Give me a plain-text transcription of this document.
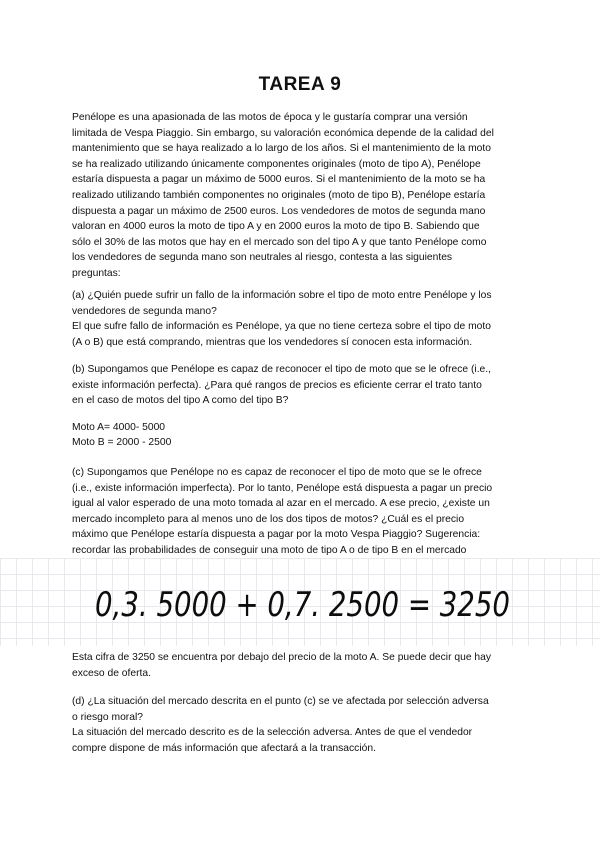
TAREA 9

Penélope es una apasionada de las motos de época y le gustaría comprar una versión
limitada de Vespa Piaggio. Sin embargo, su valoración económica depende de la calidad del
mantenimiento que se haya realizado a lo largo de los años. Si el mantenimiento de la moto
se ha realizado utilizando únicamente componentes originales (moto de tipo A), Penélope
estaría dispuesta a pagar un máximo de 5000 euros. Si el mantenimiento de la moto se ha
realizado utilizando también componentes no originales (moto de tipo B), Penélope estaría
dispuesta a pagar un máximo de 2500 euros. Los vendedores de motos de segunda mano
valoran en 4000 euros la moto de tipo A y en 2000 euros la moto de tipo B. Sabiendo que
sólo el 30% de las motos que hay en el mercado son del tipo A y que tanto Penélope como
los vendedores de segunda mano son neutrales al riesgo, contesta a las siguientes
preguntas:

(a) ¿Quién puede sufrir un fallo de la información sobre el tipo de moto entre Penélope y los
vendedores de segunda mano?

El que sufre fallo de información es Penélope, ya que no tiene certeza sobre el tipo de moto
(A o B) que está comprando, mientras que los vendedores sí conocen esta información.

(b) Supongamos que Penélope es capaz de reconocer el tipo de moto que se le ofrece (i.e.,
existe información perfecta). ¿Para qué rangos de precios es eficiente cerrar el trato tanto
en el caso de motos del tipo A como del tipo B?

Moto A= 4000- 5000

Moto B = 2000 - 2500

(c) Supongamos que Penélope no es capaz de reconocer el tipo de moto que se le ofrece
(i.e., existe información imperfecta). Por lo tanto, Penélope está dispuesta a pagar un precio
igual al valor esperado de una moto tomada al azar en el mercado. A ese precio, ¿existe un
mercado incompleto para al menos uno de los dos tipos de motos? ¿Cuál es el precio
máximo que Penélope estaría dispuesta a pagar por la moto Vespa Piaggio? Sugerencia:
recordar las probabilidades de conseguir una moto de tipo A o de tipo B en el mercado

0,3. 5000 + 0,7. 2500 = 3250

Esta cifra de 3250 se encuentra por debajo del precio de la moto A. Se puede decir que hay
exceso de oferta.

(d) ¿La situación del mercado descrita en el punto (c) se ve afectada por selección adversa
o riesgo moral?

La situación del mercado descrito es de la selección adversa. Antes de que el vendedor
compre dispone de más información que afectará a la transacción.
